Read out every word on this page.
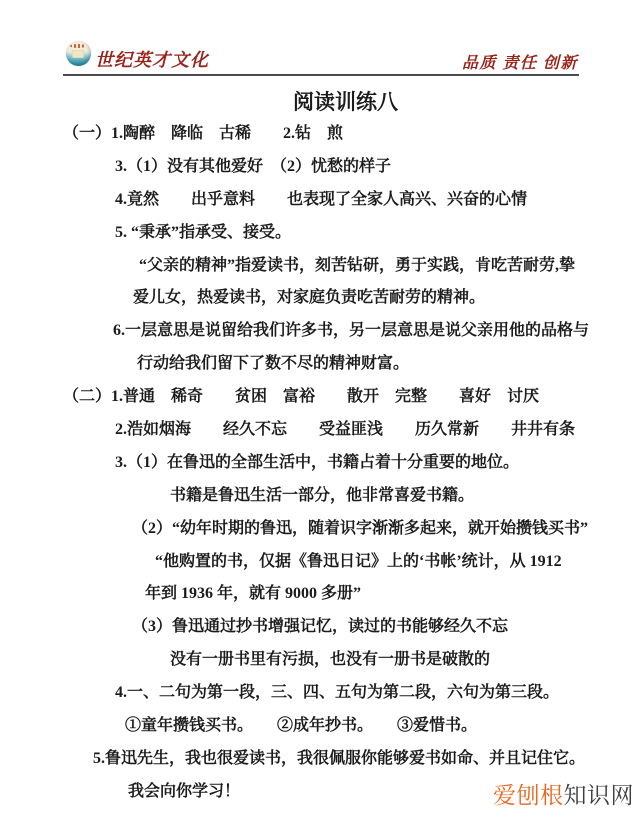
世纪英才文化	品质 责任 创新

阅读训练八

（一）1.陶醉　降临　古稀　　2.钻　煎

3.（1）没有其他爱好　（2）忧愁的样子

4.竟然　　出乎意料　　也表现了全家人高兴、兴奋的心情

5. “秉承”指承受、接受。

“父亲的精神”指爱读书，刻苦钻研，勇于实践，肯吃苦耐劳,挚

爱儿女，热爱读书，对家庭负责吃苦耐劳的精神。

6.一层意思是说留给我们许多书，另一层意思是说父亲用他的品格与

行动给我们留下了数不尽的精神财富。

（二）1.普通　稀奇　　贫困　富裕　　散开　完整　　喜好　讨厌

2.浩如烟海　　经久不忘　　受益匪浅　　历久常新　　井井有条

3.（1）在鲁迅的全部生活中，书籍占着十分重要的地位。

书籍是鲁迅生活一部分，他非常喜爱书籍。

（2）“幼年时期的鲁迅，随着识字渐渐多起来，就开始攒钱买书”

“他购置的书，仅据《鲁迅日记》上的‘书帐’统计，从 1912

年到 1936 年，就有 9000 多册”

（3）鲁迅通过抄书增强记忆，读过的书能够经久不忘

没有一册书里有污损，也没有一册书是破散的

4.一、二句为第一段，三、四、五句为第二段，六句为第三段。

①童年攒钱买书。　　②成年抄书。　　③爱惜书。

5.鲁迅先生，我也很爱读书，我很佩服你能够爱书如命、并且记住它。

我会向你学习！	爱刨根知识网
